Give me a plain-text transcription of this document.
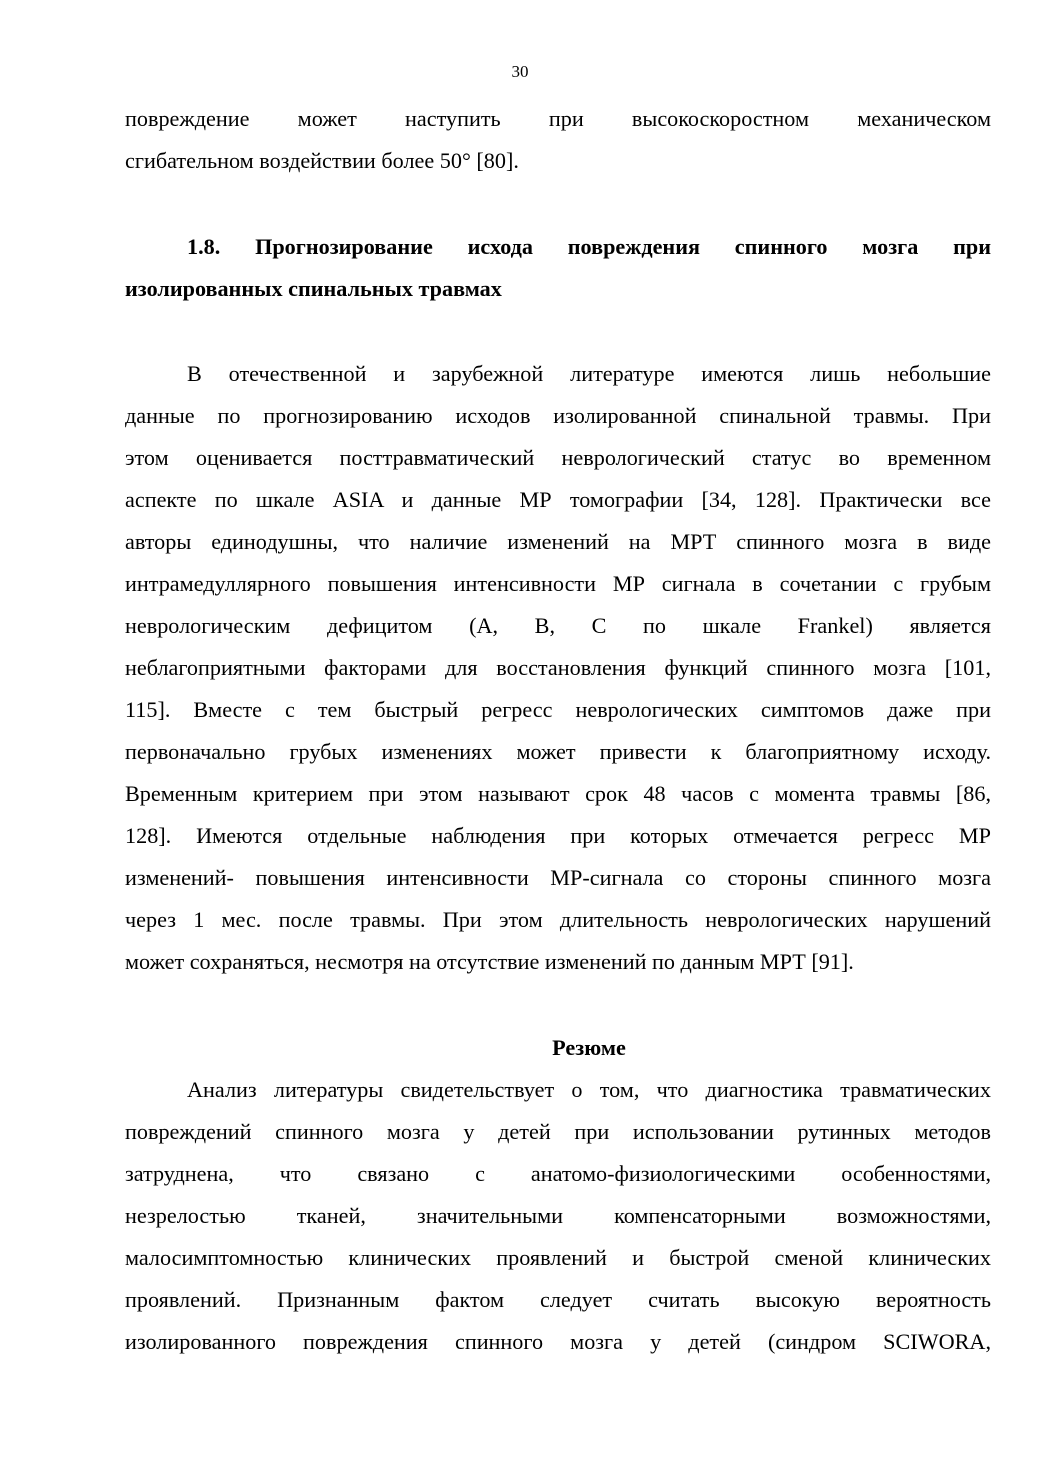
30
повреждение может наступить при высокоскоростном механическом
сгибательном воздействии более 50° [80].
1.8. Прогнозирование исхода повреждения спинного мозга при
изолированных спинальных травмах
В отечественной и зарубежной литературе имеются лишь небольшие
данные по прогнозированию исходов изолированной спинальной травмы. При
этом оценивается посттравматический неврологический статус во временном
аспекте по шкале ASIA и данные МР томографии [34, 128]. Практически все
авторы единодушны, что наличие изменений на МРТ спинного мозга в виде
интрамедуллярного повышения интенсивности МР сигнала в сочетании с грубым
неврологическим дефицитом (A, B, C по шкале Frankel) является
неблагоприятными факторами для восстановления функций спинного мозга [101,
115]. Вместе с тем быстрый регресс неврологических симптомов даже при
первоначально грубых изменениях может привести к благоприятному исходу.
Временным критерием при этом называют срок 48 часов с момента травмы [86,
128]. Имеются отдельные наблюдения при которых отмечается регресс МР
изменений- повышения интенсивности МР-сигнала со стороны спинного мозга
через 1 мес. после травмы. При этом длительность неврологических нарушений
может сохраняться, несмотря на отсутствие изменений по данным МРТ [91].
Резюме
Анализ литературы свидетельствует о том, что диагностика травматических
повреждений спинного мозга у детей при использовании рутинных методов
затруднена, что связано с анатомо-физиологическими особенностями,
незрелостью тканей, значительными компенсаторными возможностями,
малосимптомностью клинических проявлений и быстрой сменой клинических
проявлений. Признанным фактом следует считать высокую вероятность
изолированного повреждения спинного мозга у детей (синдром SCIWORA,
